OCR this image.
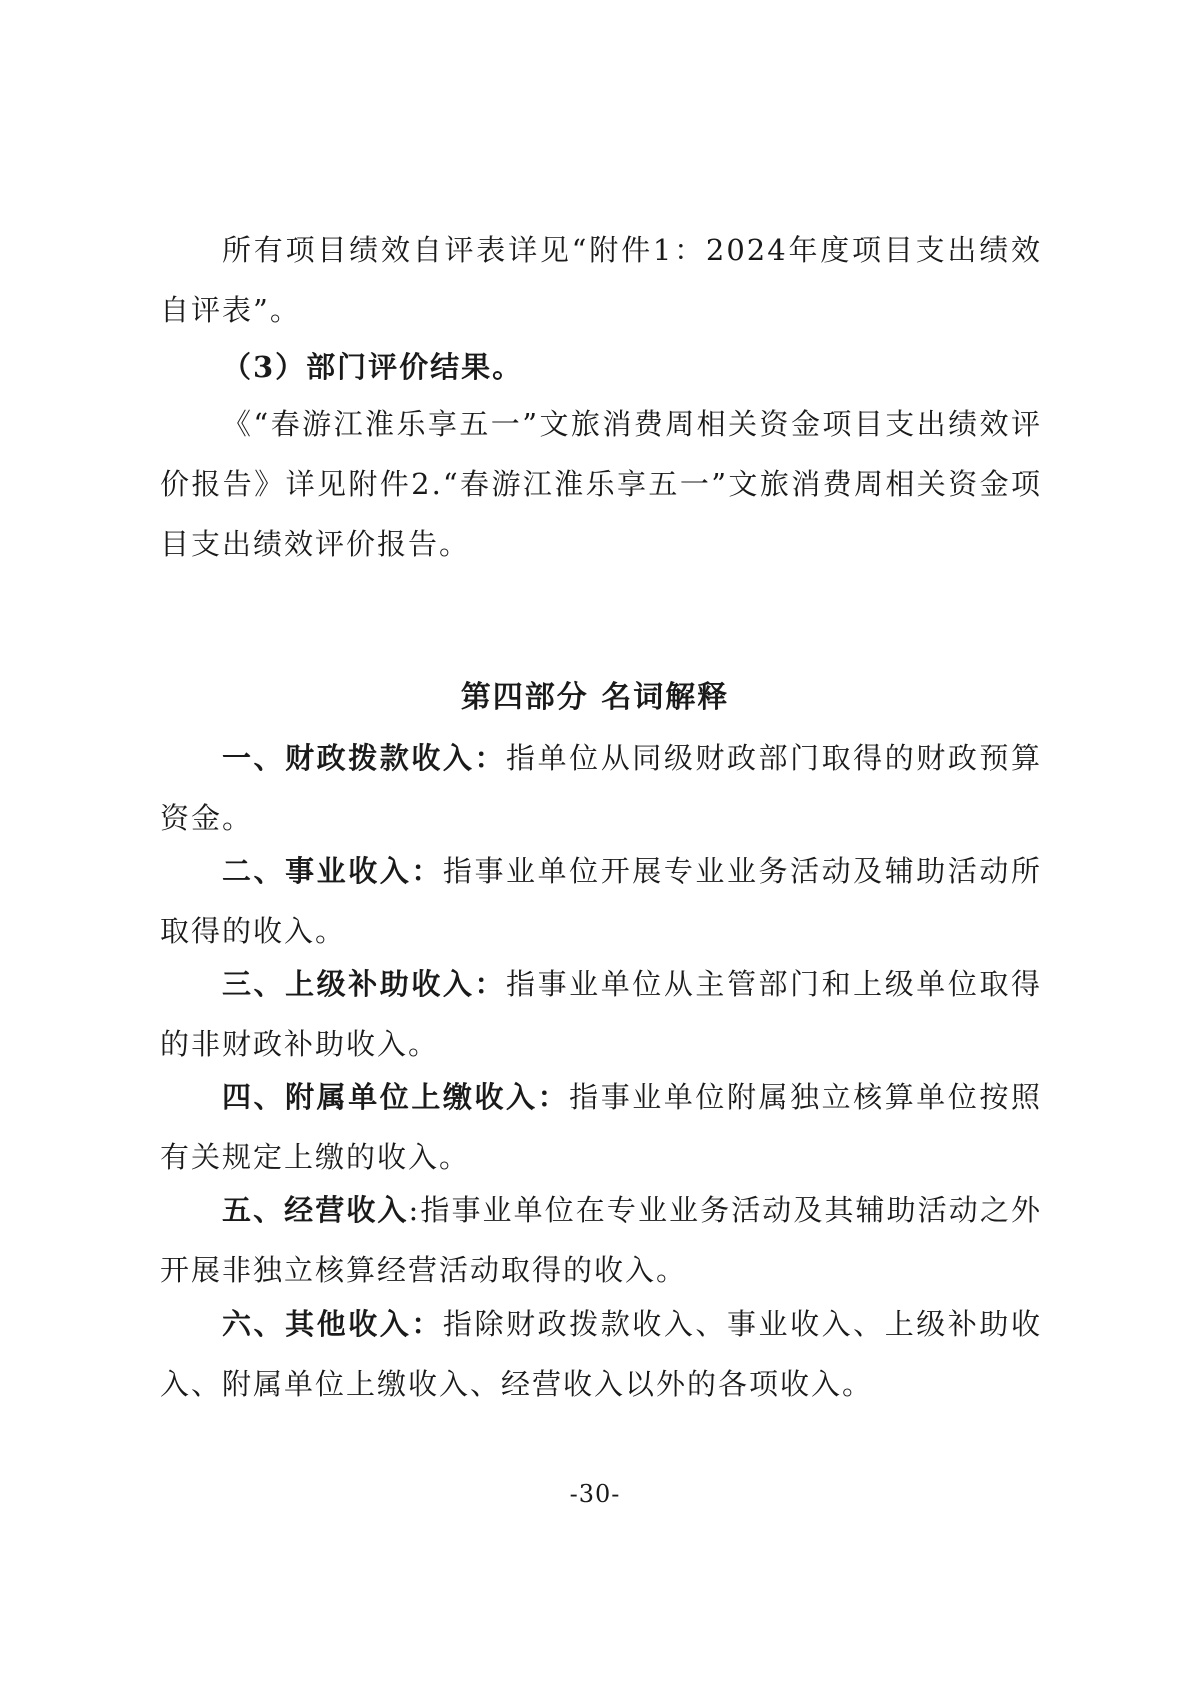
所有项目绩效自评表详见“附件1：2024年度项目支出绩效自评表”。

（3）部门评价结果。

《“春游江淮乐享五一”文旅消费周相关资金项目支出绩效评价报告》详见附件2.“春游江淮乐享五一”文旅消费周相关资金项目支出绩效评价报告。

第四部分 名词解释

一、财政拨款收入：指单位从同级财政部门取得的财政预算资金。

二、事业收入：指事业单位开展专业业务活动及辅助活动所取得的收入。

三、上级补助收入：指事业单位从主管部门和上级单位取得的非财政补助收入。

四、附属单位上缴收入：指事业单位附属独立核算单位按照有关规定上缴的收入。

五、经营收入:指事业单位在专业业务活动及其辅助活动之外开展非独立核算经营活动取得的收入。

六、其他收入：指除财政拨款收入、事业收入、上级补助收入、附属单位上缴收入、经营收入以外的各项收入。

-30-
